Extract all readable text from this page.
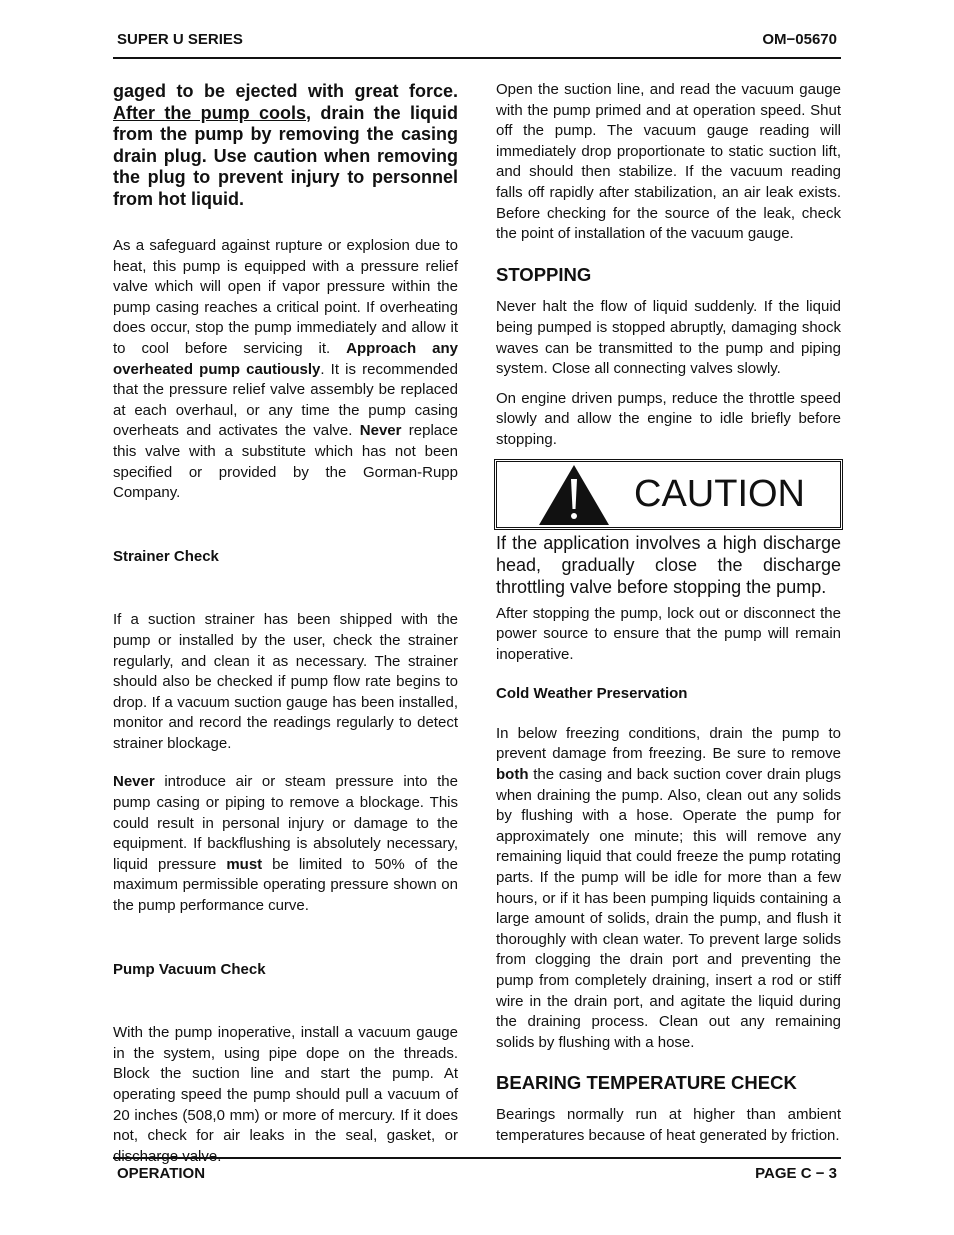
SUPER U SERIES	OM−05670

gaged to be ejected with great force. After the pump cools, drain the liquid from the pump by removing the casing drain plug. Use caution when removing the plug to prevent injury to personnel from hot liquid.

As a safeguard against rupture or explosion due to heat, this pump is equipped with a pressure relief valve which will open if vapor pressure within the pump casing reaches a critical point. If overheating does occur, stop the pump immediately and allow it to cool before servicing it. Approach any overheated pump cautiously. It is recommended that the pressure relief valve assembly be replaced at each overhaul, or any time the pump casing overheats and activates the valve. Never replace this valve with a substitute which has not been specified or provided by the Gorman-Rupp Company.

Strainer Check

If a suction strainer has been shipped with the pump or installed by the user, check the strainer regularly, and clean it as necessary. The strainer should also be checked if pump flow rate begins to drop. If a vacuum suction gauge has been installed, monitor and record the readings regularly to detect strainer blockage.

Never introduce air or steam pressure into the pump casing or piping to remove a blockage. This could result in personal injury or damage to the equipment. If backflushing is absolutely necessary, liquid pressure must be limited to 50% of the maximum permissible operating pressure shown on the pump performance curve.

Pump Vacuum Check

With the pump inoperative, install a vacuum gauge in the system, using pipe dope on the threads. Block the suction line and start the pump. At operating speed the pump should pull a vacuum of 20 inches (508,0 mm) or more of mercury. If it does not, check for air leaks in the seal, gasket, or discharge valve.

Open the suction line, and read the vacuum gauge with the pump primed and at operation speed. Shut off the pump. The vacuum gauge reading will immediately drop proportionate to static suction lift, and should then stabilize. If the vacuum reading falls off rapidly after stabilization, an air leak exists. Before checking for the source of the leak, check the point of installation of the vacuum gauge.

STOPPING

Never halt the flow of liquid suddenly. If the liquid being pumped is stopped abruptly, damaging shock waves can be transmitted to the pump and piping system. Close all connecting valves slowly.

On engine driven pumps, reduce the throttle speed slowly and allow the engine to idle briefly before stopping.

CAUTION

If the application involves a high discharge head, gradually close the discharge throttling valve before stopping the pump.

After stopping the pump, lock out or disconnect the power source to ensure that the pump will remain inoperative.

Cold Weather Preservation

In below freezing conditions, drain the pump to prevent damage from freezing. Be sure to remove both the casing and back suction cover drain plugs when draining the pump. Also, clean out any solids by flushing with a hose. Operate the pump for approximately one minute; this will remove any remaining liquid that could freeze the pump rotating parts. If the pump will be idle for more than a few hours, or if it has been pumping liquids containing a large amount of solids, drain the pump, and flush it thoroughly with clean water. To prevent large solids from clogging the drain port and preventing the pump from completely draining, insert a rod or stiff wire in the drain port, and agitate the liquid during the draining process. Clean out any remaining solids by flushing with a hose.

BEARING TEMPERATURE CHECK

Bearings normally run at higher than ambient temperatures because of heat generated by friction.

OPERATION	PAGE C − 3
